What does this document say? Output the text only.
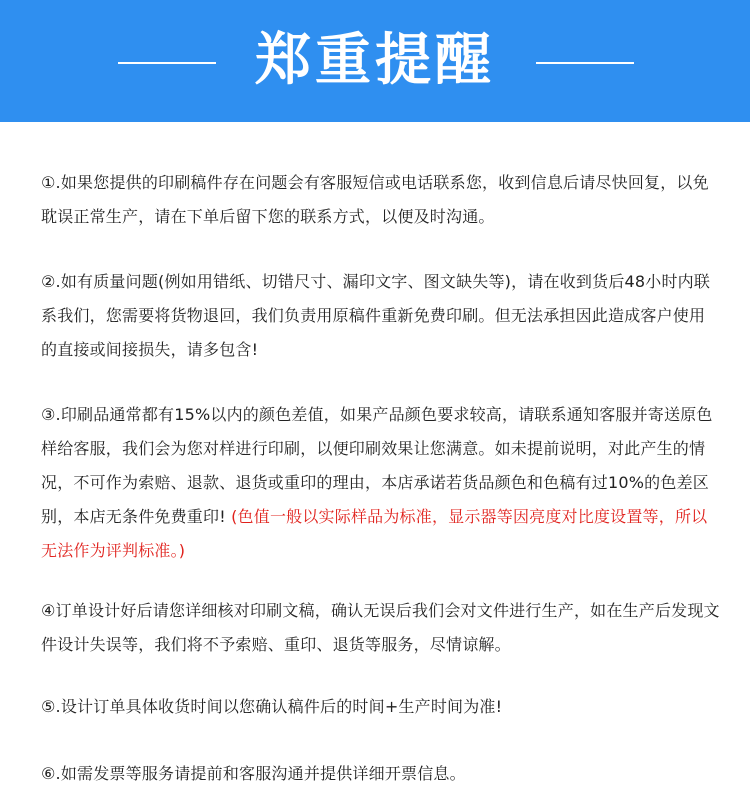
郑重提醒

①.如果您提供的印刷稿件存在问题会有客服短信或电话联系您，收到信息后请尽快回复，以免耽误正常生产，请在下单后留下您的联系方式，以便及时沟通。

②.如有质量问题(例如用错纸、切错尺寸、漏印文字、图文缺失等)，请在收到货后48小时内联系我们，您需要将货物退回，我们负责用原稿件重新免费印刷。但无法承担因此造成客户使用的直接或间接损失，请多包含!

③.印刷品通常都有15%以内的颜色差值，如果产品颜色要求较高，请联系通知客服并寄送原色样给客服，我们会为您对样进行印刷，以便印刷效果让您满意。如未提前说明，对此产生的情况，不可作为索赔、退款、退货或重印的理由，本店承诺若货品颜色和色稿有过10%的色差区别，本店无条件免费重印! (色值一般以实际样品为标准，显示器等因亮度对比度设置等，所以无法作为评判标准。)

④订单设计好后请您详细核对印刷文稿，确认无误后我们会对文件进行生产，如在生产后发现文件设计失误等，我们将不予索赔、重印、退货等服务，尽情谅解。

⑤.设计订单具体收货时间以您确认稿件后的时间+生产时间为准!

⑥.如需发票等服务请提前和客服沟通并提供详细开票信息。
